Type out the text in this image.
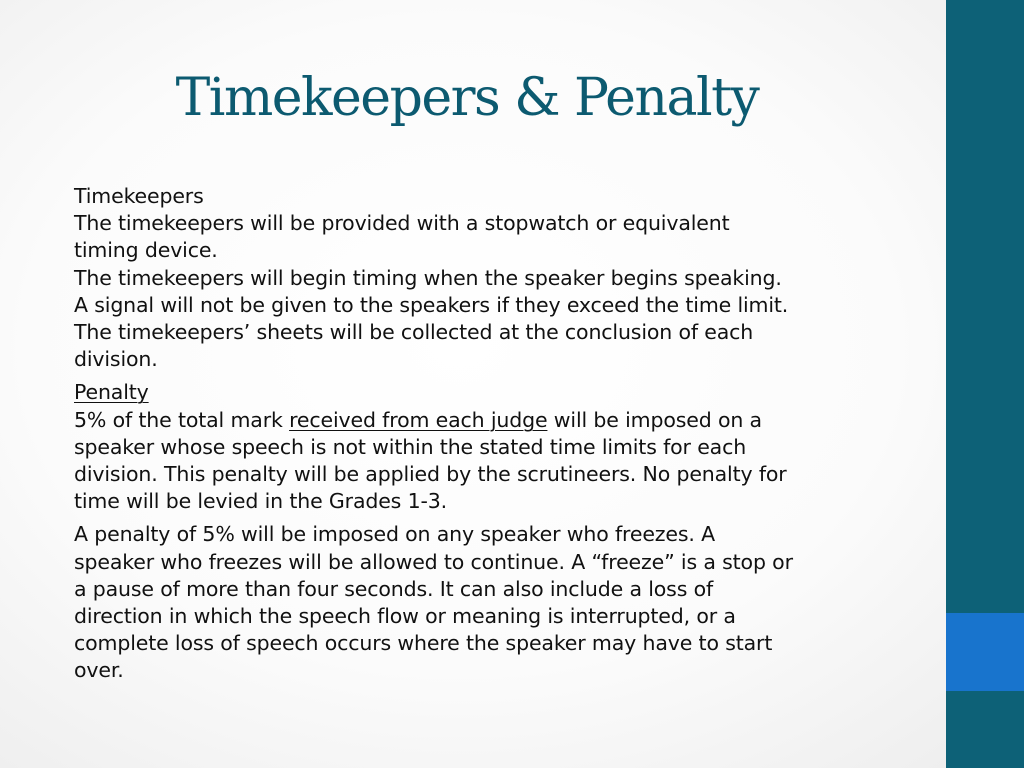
Timekeepers & Penalty

Timekeepers
The timekeepers will be provided with a stopwatch or equivalent
timing device.
The timekeepers will begin timing when the speaker begins speaking.
A signal will not be given to the speakers if they exceed the time limit.
The timekeepers’ sheets will be collected at the conclusion of each
division.

Penalty
5% of the total mark received from each judge will be imposed on a
speaker whose speech is not within the stated time limits for each
division. This penalty will be applied by the scrutineers. No penalty for
time will be levied in the Grades 1-3.

A penalty of 5% will be imposed on any speaker who freezes. A
speaker who freezes will be allowed to continue. A “freeze” is a stop or
a pause of more than four seconds. It can also include a loss of
direction in which the speech flow or meaning is interrupted, or a
complete loss of speech occurs where the speaker may have to start
over.
